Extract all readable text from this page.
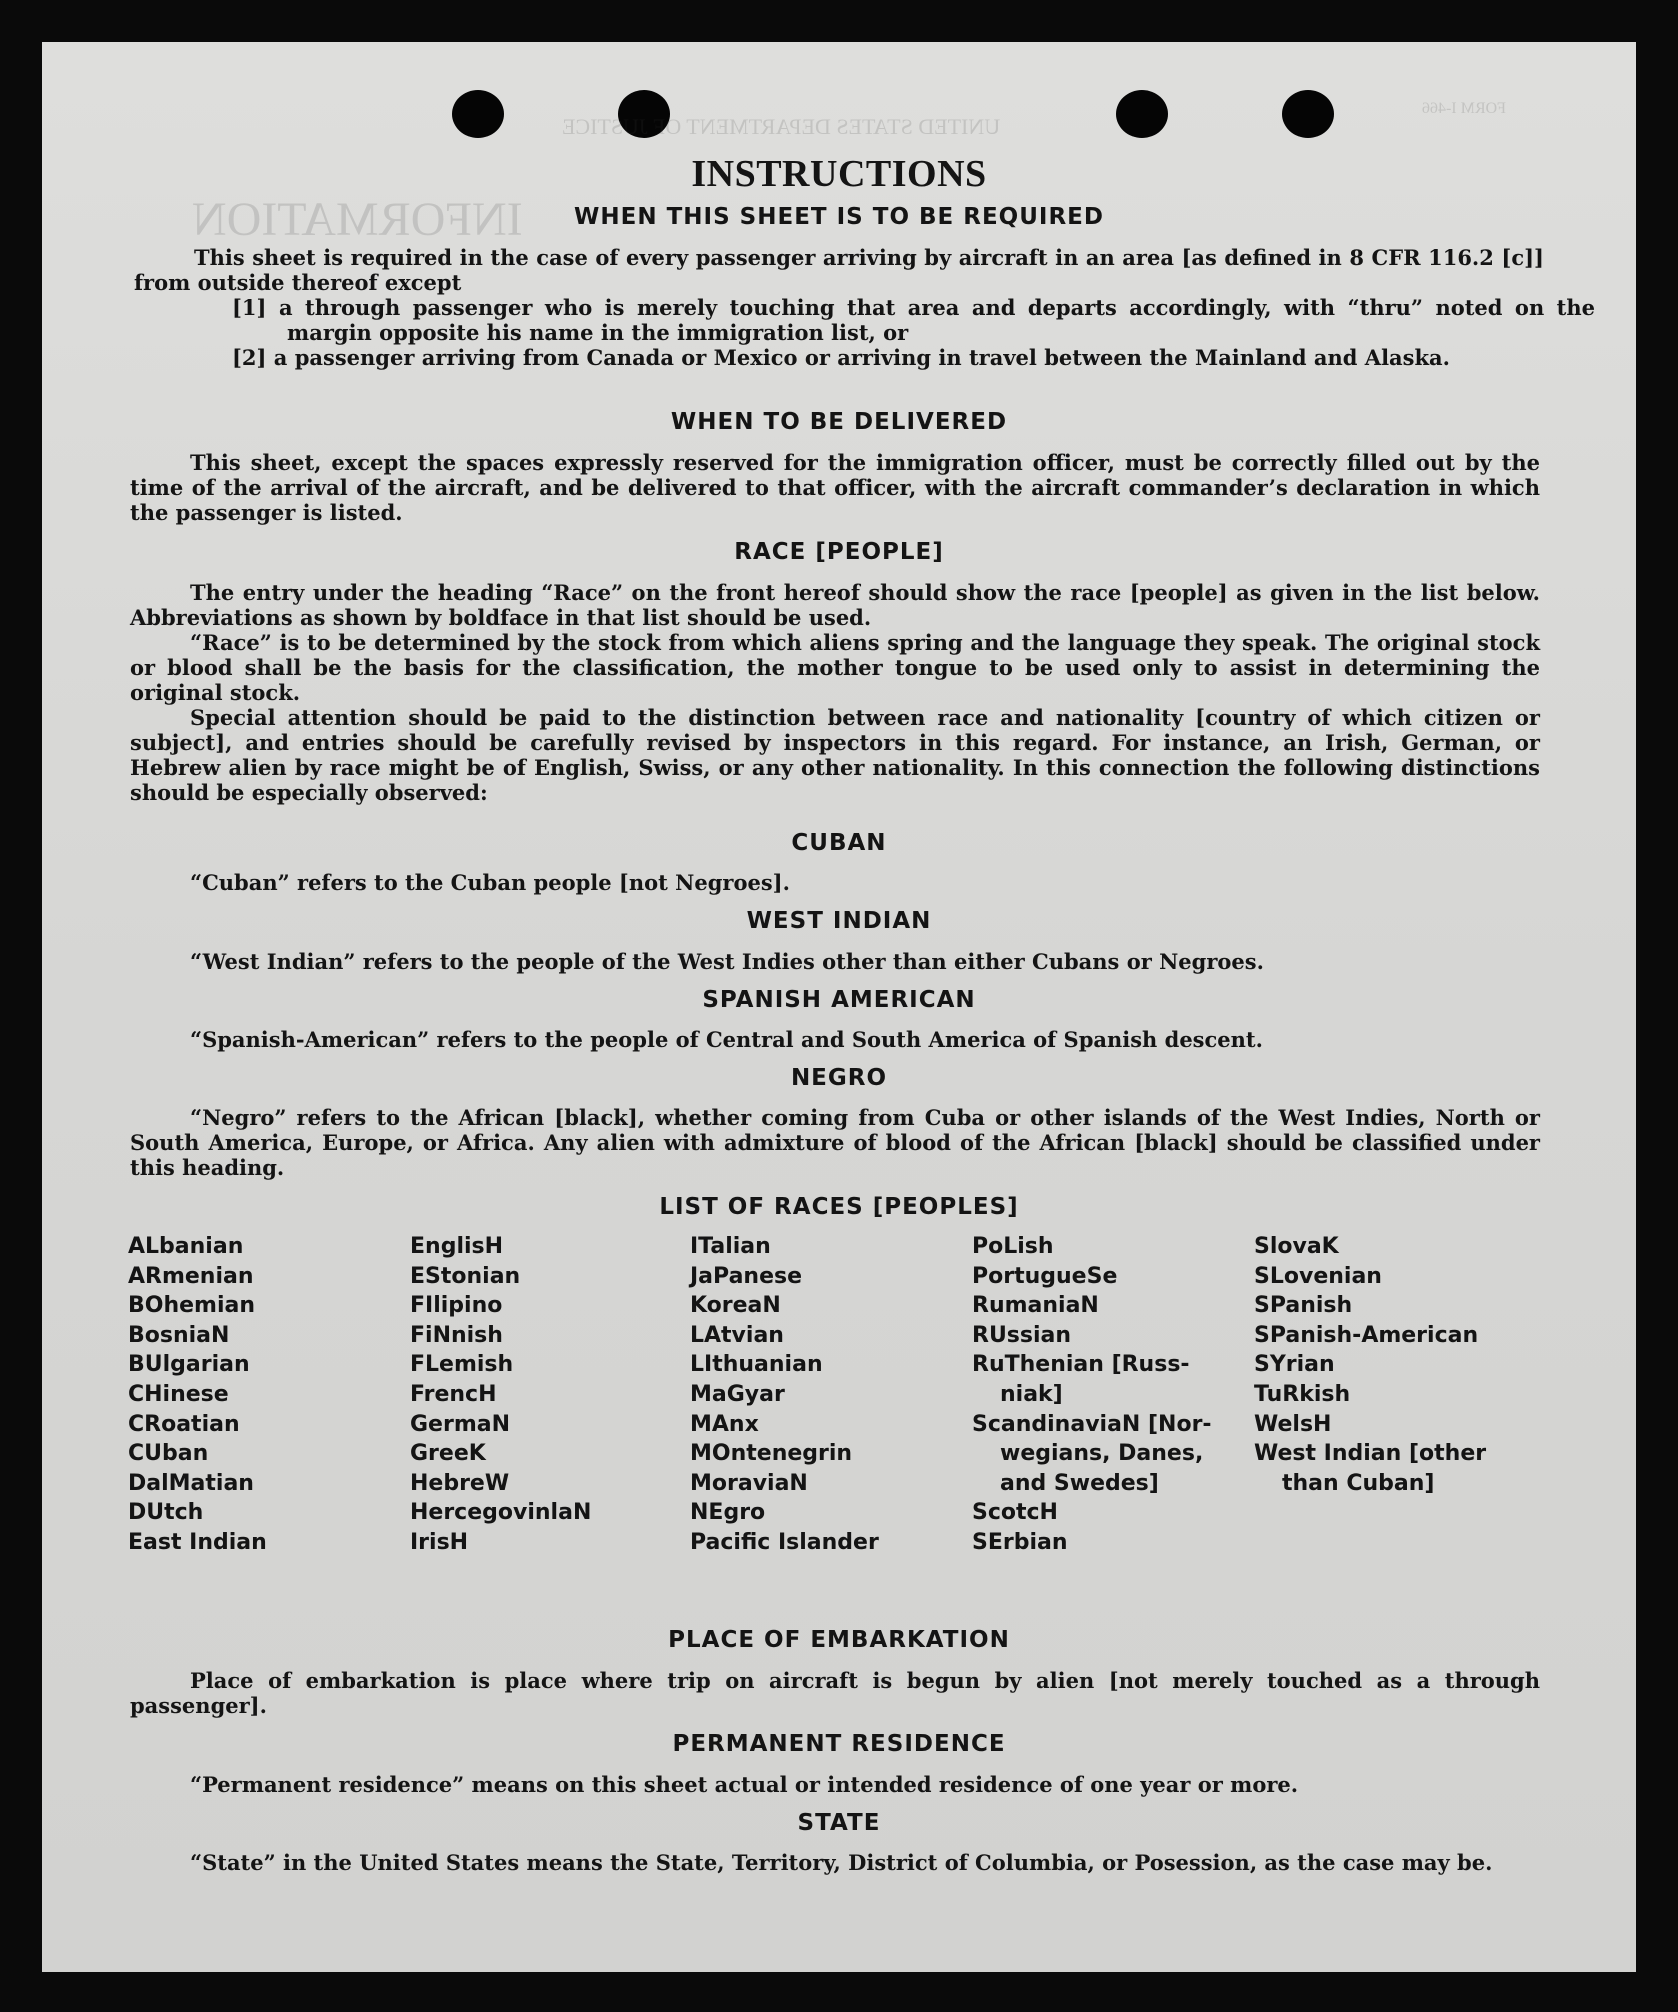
UNITED STATES DEPARTMENT OF JUSTICE
INFORMATION
FORM I-466
INSTRUCTIONS
WHEN THIS SHEET IS TO BE REQUIRED
This sheet is required in the case of every passenger arriving by aircraft in an area [as defined in 8 CFR 116.2 [c]] from outside thereof except
[1] a through passenger who is merely touching that area and departs accordingly, with “thru” noted on the margin opposite his name in the immigration list, or
[2] a passenger arriving from Canada or Mexico or arriving in travel between the Mainland and Alaska.
WHEN TO BE DELIVERED
This sheet, except the spaces expressly reserved for the immigration officer, must be correctly filled out by the time of the arrival of the aircraft, and be delivered to that officer, with the aircraft commander’s declaration in which the passenger is listed.
RACE [PEOPLE]
The entry under the heading “Race” on the front hereof should show the race [people] as given in the list below. Abbreviations as shown by boldface in that list should be used.
“Race” is to be determined by the stock from which aliens spring and the language they speak. The original stock or blood shall be the basis for the classification, the mother tongue to be used only to assist in determining the original stock.
Special attention should be paid to the distinction between race and nationality [country of which citizen or subject], and entries should be carefully revised by inspectors in this regard. For instance, an Irish, German, or Hebrew alien by race might be of English, Swiss, or any other nationality. In this connection the following distinctions should be especially observed:
CUBAN
“Cuban” refers to the Cuban people [not Negroes].
WEST INDIAN
“West Indian” refers to the people of the West Indies other than either Cubans or Negroes.
SPANISH AMERICAN
“Spanish-American” refers to the people of Central and South America of Spanish descent.
NEGRO
“Negro” refers to the African [black], whether coming from Cuba or other islands of the West Indies, North or South America, Europe, or Africa. Any alien with admixture of blood of the African [black] should be classified under this heading.
LIST OF RACES [PEOPLES]
ALbanian
ARmenian
BOhemian
BosniaN
BUlgarian
CHinese
CRoatian
CUban
DalMatian
DUtch
East Indian
EnglisH
EStonian
FIlipino
FiNnish
FLemish
FrencH
GermaN
GreeK
HebreW
HercegovinlaN
IrisH
ITalian
JaPanese
KoreaN
LAtvian
LIthuanian
MaGyar
MAnx
MOntenegrin
MoraviaN
NEgro
Pacific Islander
PoLish
PortugueSe
RumaniaN
RUssian
RuThenian [Russ-
niak]
ScandinaviaN [Nor-
wegians, Danes,
and Swedes]
ScotcH
SErbian
SlovaK
SLovenian
SPanish
SPanish-American
SYrian
TuRkish
WelsH
West Indian [other
than Cuban]
PLACE OF EMBARKATION
Place of embarkation is place where trip on aircraft is begun by alien [not merely touched as a through passenger].
PERMANENT RESIDENCE
“Permanent residence” means on this sheet actual or intended residence of one year or more.
STATE
“State” in the United States means the State, Territory, District of Columbia, or Posession, as the case may be.
